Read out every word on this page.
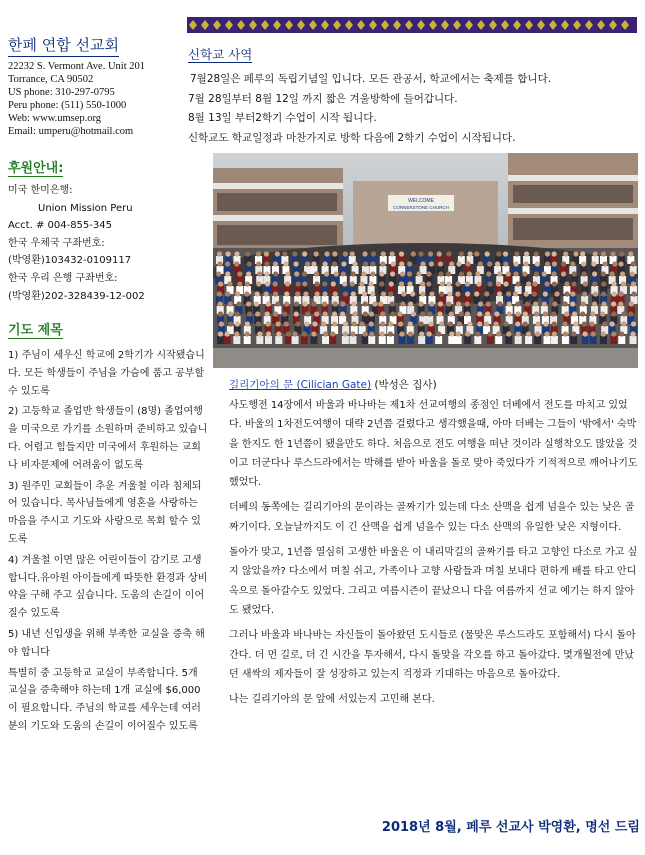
한페 연합 선교회
22232 S. Vermont Ave. Unit 201
Torrance, CA 90502
US phone: 310-297-0795
Peru phone: (511) 550-1000
Web: www.umsep.org
Email: umperu@hotmail.com
후원안내:
미국 한미은행:
Union Mission Peru
Acct. # 004-855-345
한국 우체국 구좌번호:
(박영환)103432-0109117
한국 우리 은행 구좌번호:
(박영환)202-328439-12-002
기도 제목

1) 주님이 세우신 학교에 2학기가 시작됐습니다. 모든 학생들이 주님을 가슴에 품고 공부할수 있도록

2) 고등학교 졸업반 학생들이 (8명) 졸업여행을 미국으로 가기를 소원하며 준비하고 있습니다. 어렵고 힘들지만 미국에서 후원하는 교회나 비자문제에 어려움이 없도록

3) 원주민 교회들이 추운 겨울철 이라 침체되어 있습니다. 목사님들에게 영혼을 사랑하는 마음을 주시고 기도와 사랑으로 목회 할수 있도록

4) 겨울철 이면 많은 어린이들이 감기로 고생합니다.유아원 아이들에게 따뜻한 환경과 상비약을 구해 주고 싶습니다. 도움의 손길이 이어질수 있도록

5) 내년 신입생을 위해 부족한 교실을 증축 해야 합니다

특별히 중 고등학교 교실이 부족합니다. 5개 교실을 증축해야 하는데 1개 교실에 $6,000 이 필요합니다. 주님의 학교를 세우는데 여러분의 기도와 도움의 손길이 이어질수 있도록

신학교 사역

7월28일은 페루의 독립기념일 입니다. 모든 관공서, 학교에서는 축제를 합니다.

7월 28일부터 8월 12일 까지 짧은 겨울방학에 들어갑니다.

8월 13일 부터2학기 수업이 시작 됩니다.

신학교도 학교일정과 마찬가지로 방학 다음에 2학기 수업이 시작됩니다.

WELCOME
CORNERSTONE CHURCH
길리기아의 문 (Cilician Gate) (박성은 집사)

사도행전 14장에서 바울과 바나바는 제1차 선교여행의 종점인 더베에서 전도를 마치고 있었다. 바울의 1차전도여행이 대략 2년쯤 걸렸다고 생각했을때, 아마 더베는 그들이 '밖에서' 숙박을 한지도 한 1년쯤이 됐을만도 하다. 처음으로 전도 여행을 떠난 것이라 실행착오도 많았을 것이고 더군다나 루스드라에서는 박해를 받아 바울을 돌로 맞아 죽었다가 기적적으로 깨어나기도 했었다.

더베의 동쪽에는 길리기아의 문이라는 골짜기가 있는데 다소 산맥을 쉽게 넘을수 있는 낮은 골짜기이다. 오늘날까지도 이 긴 산맥을 쉽게 넘을수 있는 다소 산맥의 유일한 낮은 지형이다.

돌아가 맞고, 1년쯤 열심히 고생한 바울은 이 내리막길의 골짜기를 타고 고향인 다소로 가고 싶지 않았을까? 다소에서 며칠 쉬고, 가족이나 고향 사람들과 며칠 보내다 편하게 배를 타고 안디옥으로 돌아갈수도 있었다. 그리고 여름시즌이 끝났으니 다음 여름까지 선교 예기는 하지 않아도 됐었다.

그러나 바울과 바나바는 자신들이 돌아왔던 도시들로 (물맞은 루스드라도 포함해서) 다시 돌아간다. 더 먼 길로, 더 긴 시간을 투자해서, 다시 돌맞을 각오를 하고 돌아갔다. 몇개월전에 만났던 새싹의 제자들이 잘 성장하고 있는지 걱정과 기대하는 마음으로 돌아갔다.

나는 길리기아의 문 앞에 서있는지 고민해 본다.

2018년 8월, 페루 선교사 박영환, 명선 드림
